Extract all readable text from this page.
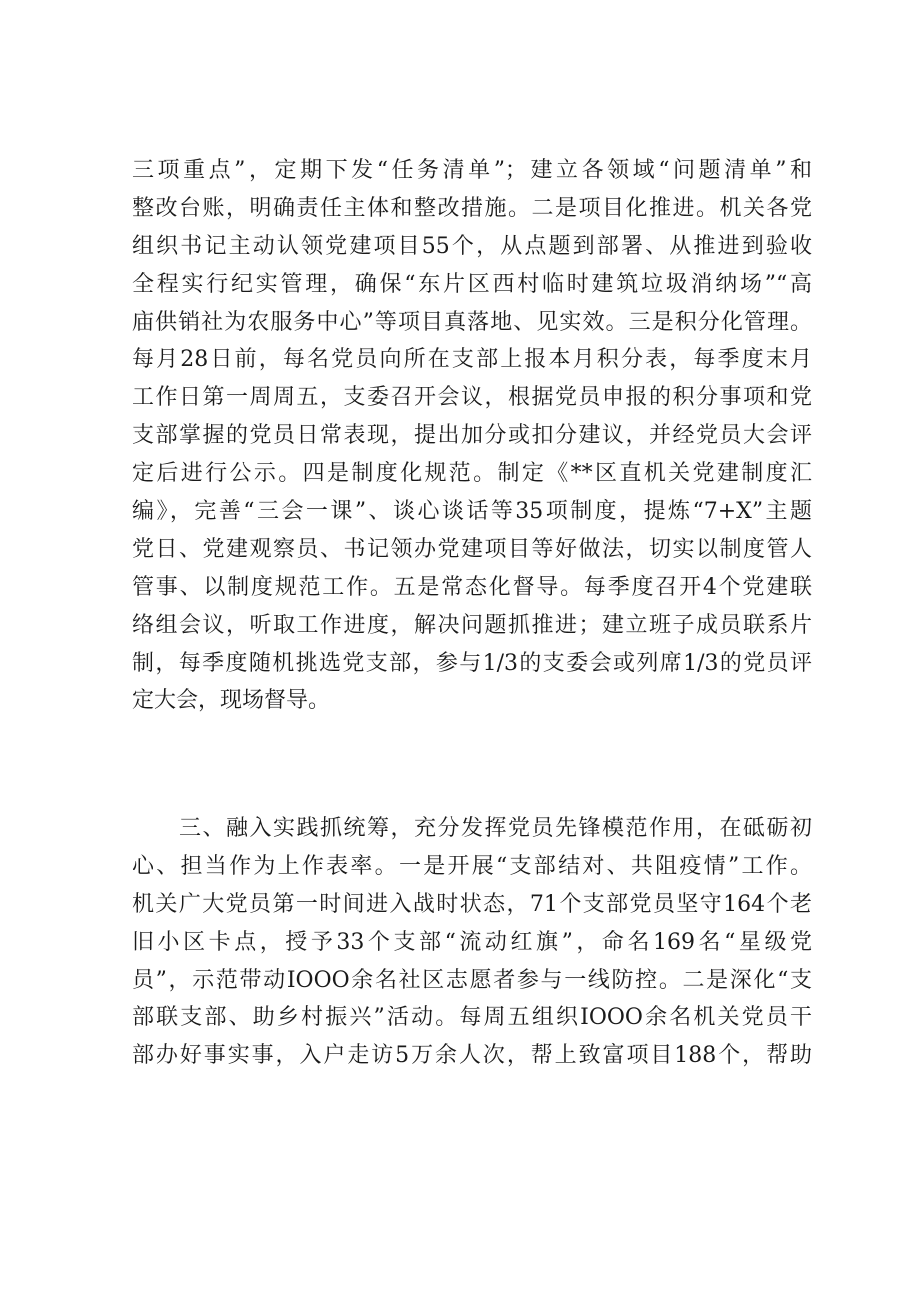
三项重点”，定期下发“任务清单”；建立各领域“问题清单”和
整改台账，明确责任主体和整改措施。二是项目化推进。机关各党
组织书记主动认领党建项目55个，从点题到部署、从推进到验收
全程实行纪实管理，确保“东片区西村临时建筑垃圾消纳场”“高
庙供销社为农服务中心”等项目真落地、见实效。三是积分化管理。
每月28日前，每名党员向所在支部上报本月积分表，每季度末月
工作日第一周周五，支委召开会议，根据党员申报的积分事项和党
支部掌握的党员日常表现，提出加分或扣分建议，并经党员大会评
定后进行公示。四是制度化规范。制定《**区直机关党建制度汇
编》，完善“三会一课”、谈心谈话等35项制度，提炼“7+X”主题
党日、党建观察员、书记领办党建项目等好做法，切实以制度管人
管事、以制度规范工作。五是常态化督导。每季度召开4个党建联
络组会议，听取工作进度，解决问题抓推进；建立班子成员联系片
制，每季度随机挑选党支部，参与1/3的支委会或列席1/3的党员评
定大会，现场督导。
　　三、融入实践抓统筹，充分发挥党员先锋模范作用，在砥砺初
心、担当作为上作表率。一是开展“支部结对、共阻疫情”工作。
机关广大党员第一时间进入战时状态，71个支部党员坚守164个老
旧小区卡点，授予33个支部“流动红旗”，命名169名“星级党
员”，示范带动IOOO余名社区志愿者参与一线防控。二是深化“支
部联支部、助乡村振兴”活动。每周五组织IOOO余名机关党员干
部办好事实事，入户走访5万余人次，帮上致富项目188个，帮助
